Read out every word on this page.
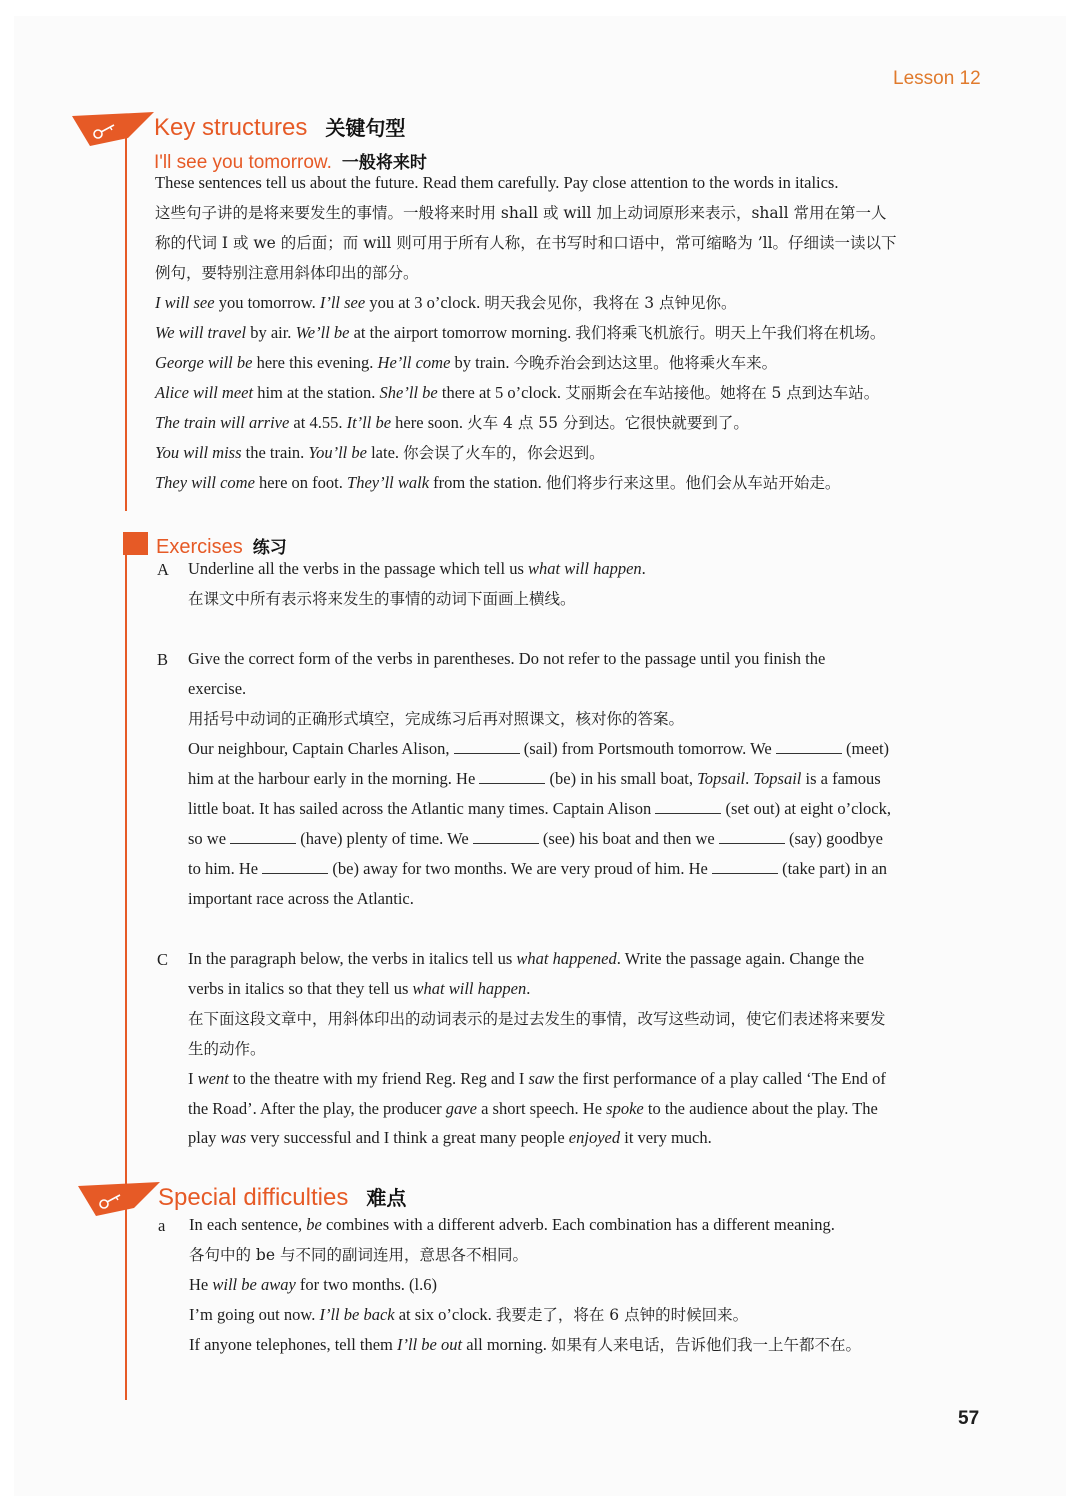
Lesson 12
Key structures 关键句型
I'll see you tomorrow. 一般将来时
These sentences tell us about the future. Read them carefully. Pay close attention to the words in italics.
这些句子讲的是将来要发生的事情。一般将来时用 shall 或 will 加上动词原形来表示，shall 常用在第一人
称的代词 I 或 we 的后面；而 will 则可用于所有人称，在书写时和口语中，常可缩略为 ’ll。仔细读一读以下
例句，要特别注意用斜体印出的部分。
I will see you tomorrow. I’ll see you at 3 o’clock. 明天我会见你，我将在 3 点钟见你。
We will travel by air. We’ll be at the airport tomorrow morning. 我们将乘飞机旅行。明天上午我们将在机场。
George will be here this evening. He’ll come by train. 今晚乔治会到达这里。他将乘火车来。
Alice will meet him at the station. She’ll be there at 5 o’clock. 艾丽斯会在车站接他。她将在 5 点到达车站。
The train will arrive at 4.55. It’ll be here soon. 火车 4 点 55 分到达。它很快就要到了。
You will miss the train. You’ll be late. 你会误了火车的，你会迟到。
They will come here on foot. They’ll walk from the station. 他们将步行来这里。他们会从车站开始走。
Exercises 练习
A Underline all the verbs in the passage which tell us what will happen.
在课文中所有表示将来发生的事情的动词下面画上横线。
B Give the correct form of the verbs in parentheses. Do not refer to the passage until you finish the
exercise.
用括号中动词的正确形式填空，完成练习后再对照课文，核对你的答案。
Our neighbour, Captain Charles Alison,	(sail) from Portsmouth tomorrow. We	(meet)
him at the harbour early in the morning. He	(be) in his small boat, Topsail. Topsail is a famous
little boat. It has sailed across the Atlantic many times. Captain Alison	(set out) at eight o’clock,
so we	(have) plenty of time. We	(see) his boat and then we	(say) goodbye
to him. He	(be) away for two months. We are very proud of him. He	(take part) in an
important race across the Atlantic.
C In the paragraph below, the verbs in italics tell us what happened. Write the passage again. Change the
verbs in italics so that they tell us what will happen.
在下面这段文章中，用斜体印出的动词表示的是过去发生的事情，改写这些动词，使它们表述将来要发
生的动作。
I went to the theatre with my friend Reg. Reg and I saw the first performance of a play called ‘The End of
the Road’. After the play, the producer gave a short speech. He spoke to the audience about the play. The
play was very successful and I think a great many people enjoyed it very much.
Special difficulties 难点
a In each sentence, be combines with a different adverb. Each combination has a different meaning.
各句中的 be 与不同的副词连用，意思各不相同。
He will be away for two months. (l.6)
I’m going out now. I’ll be back at six o’clock. 我要走了，将在 6 点钟的时候回来。
If anyone telephones, tell them I’ll be out all morning. 如果有人来电话，告诉他们我一上午都不在。
57
